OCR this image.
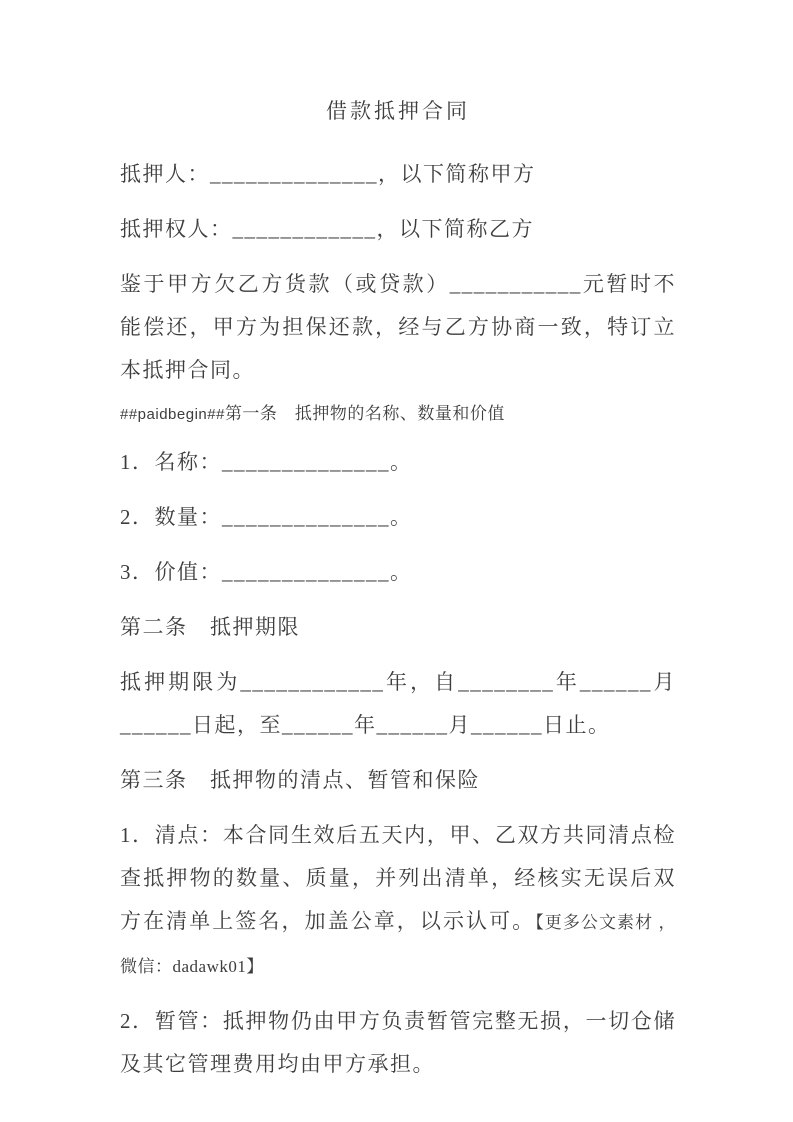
借款抵押合同

抵押人：______________，以下简称甲方

抵押权人：____________，以下简称乙方

鉴于甲方欠乙方货款（或贷款）___________元暂时不能偿还，甲方为担保还款，经与乙方协商一致，特订立本抵押合同。

##paidbegin##第一条　抵押物的名称、数量和价值

1．名称：______________。

2．数量：______________。

3．价值：______________。

第二条　抵押期限

抵押期限为____________年，自________年______月______日起，至______年______月______日止。

第三条　抵押物的清点、暂管和保险

1．清点：本合同生效后五天内，甲、乙双方共同清点检查抵押物的数量、质量，并列出清单，经核实无误后双方在清单上签名，加盖公章，以示认可。【更多公文素材 ，微信：dadawk01】

2．暂管：抵押物仍由甲方负责暂管完整无损，一切仓储及其它管理费用均由甲方承担。
